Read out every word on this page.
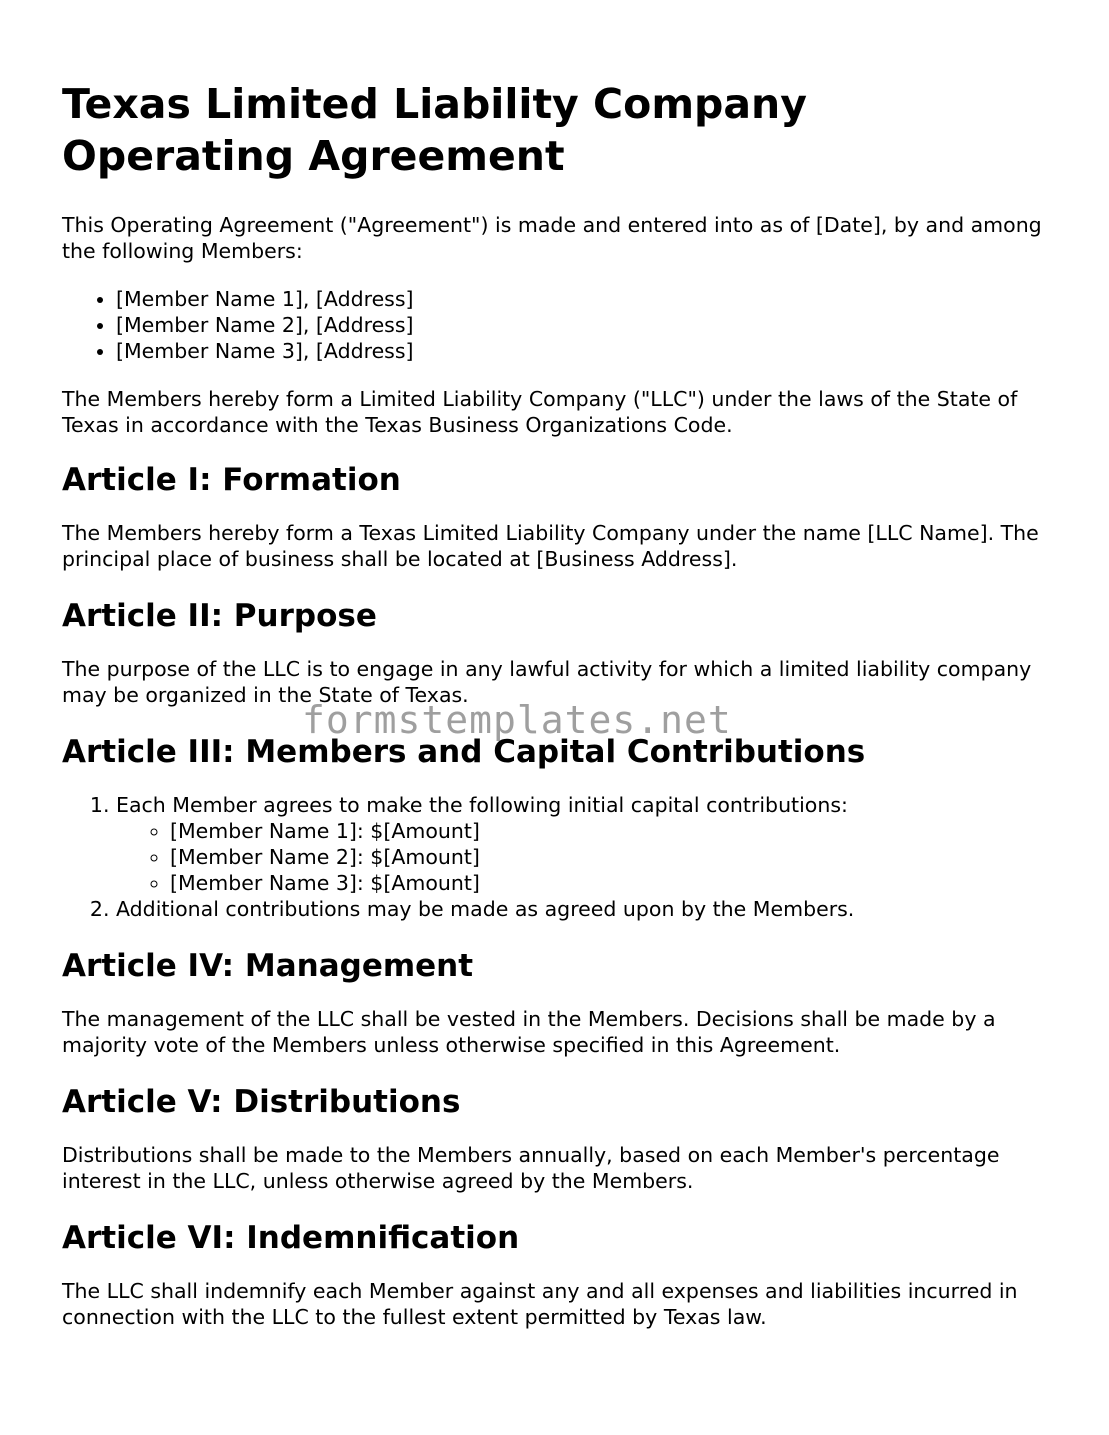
Texas Limited Liability Company
Operating Agreement

This Operating Agreement ("Agreement") is made and entered into as of [Date], by and among the following Members:

• [Member Name 1], [Address]
• [Member Name 2], [Address]
• [Member Name 3], [Address]

The Members hereby form a Limited Liability Company ("LLC") under the laws of the State of Texas in accordance with the Texas Business Organizations Code.

Article I: Formation

The Members hereby form a Texas Limited Liability Company under the name [LLC Name]. The principal place of business shall be located at [Business Address].

Article II: Purpose

The purpose of the LLC is to engage in any lawful activity for which a limited liability company may be organized in the State of Texas.

Article III: Members and Capital Contributions
1. Each Member agrees to make the following initial capital contributions:
◦ [Member Name 1]: $[Amount]
◦ [Member Name 2]: $[Amount]
◦ [Member Name 3]: $[Amount]
2. Additional contributions may be made as agreed upon by the Members.
Article IV: Management

The management of the LLC shall be vested in the Members. Decisions shall be made by a majority vote of the Members unless otherwise specified in this Agreement.

Article V: Distributions

Distributions shall be made to the Members annually, based on each Member's percentage interest in the LLC, unless otherwise agreed by the Members.

Article VI: Indemnification

The LLC shall indemnify each Member against any and all expenses and liabilities incurred in connection with the LLC to the fullest extent permitted by Texas law.

formstemplates.net
